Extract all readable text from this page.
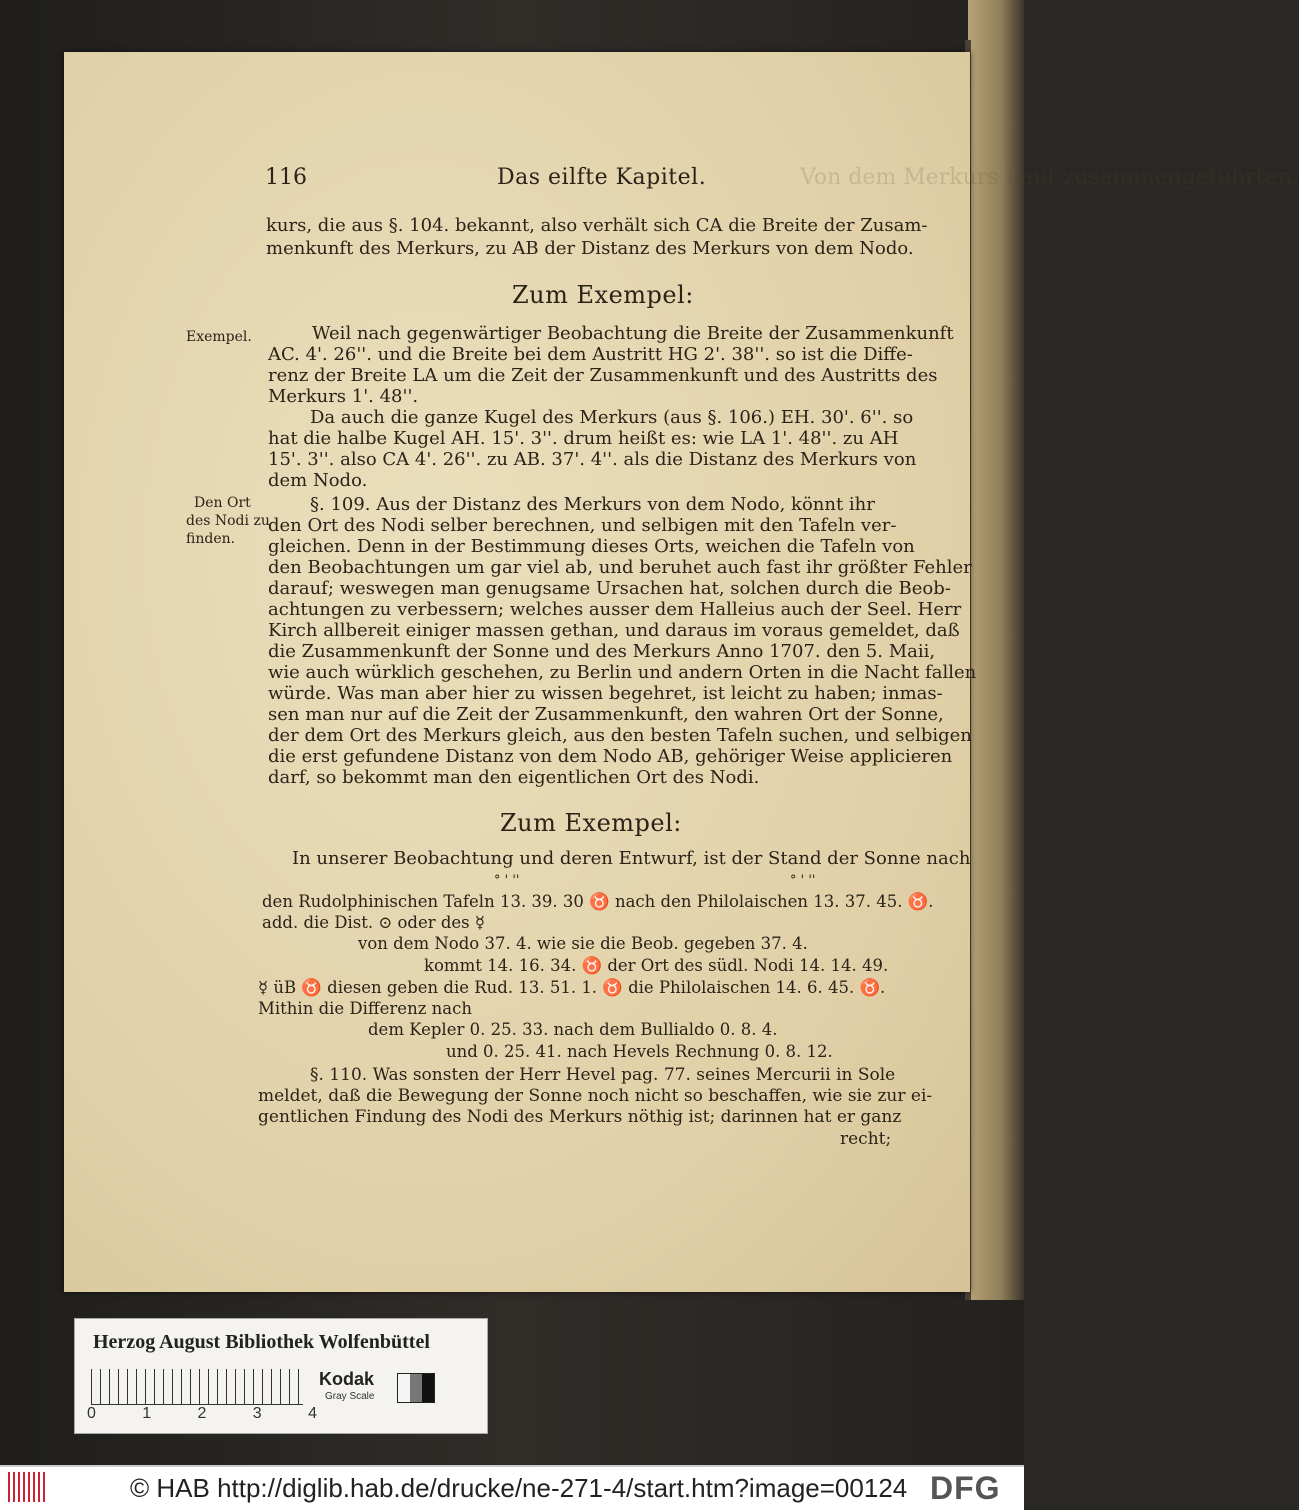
Von dem Merkurs Lauf zusammengeführten.
116	Das eilfte Kapitel.
kurs, die aus §. 104. bekannt, also verhält sich CA die Breite der Zusam-
menkunft des Merkurs, zu AB der Distanz des Merkurs von dem Nodo.
Zum Exempel:
Exempel.	Weil nach gegenwärtiger Beobachtung die Breite der Zusammenkunft
AC. 4'. 26''. und die Breite bei dem Austritt HG 2'. 38''. so ist die Diffe-
renz der Breite LA um die Zeit der Zusammenkunft und des Austritts des
Merkurs 1'. 48''.
Da auch die ganze Kugel des Merkurs (aus §. 106.) EH. 30'. 6''. so
hat die halbe Kugel AH. 15'. 3''. drum heißt es: wie LA 1'. 48''. zu AH
15'. 3''. also CA 4'. 26''. zu AB. 37'. 4''. als die Distanz des Merkurs von
dem Nodo.
Den Ort
des Nodi zu
finden.
§. 109. Aus der Distanz des Merkurs von dem Nodo, könnt ihr
den Ort des Nodi selber berechnen, und selbigen mit den Tafeln ver-
gleichen. Denn in der Bestimmung dieses Orts, weichen die Tafeln von
den Beobachtungen um gar viel ab, und beruhet auch fast ihr größter Fehler
darauf; weswegen man genugsame Ursachen hat, solchen durch die Beob-
achtungen zu verbessern; welches ausser dem Halleius auch der Seel. Herr
Kirch allbereit einiger massen gethan, und daraus im voraus gemeldet, daß
die Zusammenkunft der Sonne und des Merkurs Anno 1707. den 5. Maii,
wie auch würklich geschehen, zu Berlin und andern Orten in die Nacht fallen
würde. Was man aber hier zu wissen begehret, ist leicht zu haben; inmas-
sen man nur auf die Zeit der Zusammenkunft, den wahren Ort der Sonne,
der dem Ort des Merkurs gleich, aus den besten Tafeln suchen, und selbigen
die erst gefundene Distanz von dem Nodo AB, gehöriger Weise applicieren
darf, so bekommt man den eigentlichen Ort des Nodi.
Zum Exempel:
In unserer Beobachtung und deren Entwurf, ist der Stand der Sonne nach
° ' ''	° ' ''
den Rudolphinischen Tafeln 13. 39. 30 ♉ nach den Philolaischen 13. 37. 45. ♉.
add. die Dist. ⊙ oder des ☿
von dem Nodo 37. 4. wie sie die Beob. gegeben 37. 4.
kommt 14. 16. 34. ♉ der Ort des südl. Nodi 14. 14. 49.
☿ üB ♉ diesen geben die Rud. 13. 51. 1. ♉ die Philolaischen 14. 6. 45. ♉.
Mithin die Differenz nach
dem Kepler 0. 25. 33. nach dem Bullialdo 0. 8. 4.
und 0. 25. 41. nach Hevels Rechnung 0. 8. 12.
§. 110. Was sonsten der Herr Hevel pag. 77. seines Mercurii in Sole
meldet, daß die Bewegung der Sonne noch nicht so beschaffen, wie sie zur ei-
gentlichen Findung des Nodi des Merkurs nöthig ist; darinnen hat er ganz
recht;
Herzog August Bibliothek Wolfenbüttel
0	1	2	3	4
Kodak
Gray Scale
© HAB http://diglib.hab.de/drucke/ne-271-4/start.htm?image=00124 DFG
